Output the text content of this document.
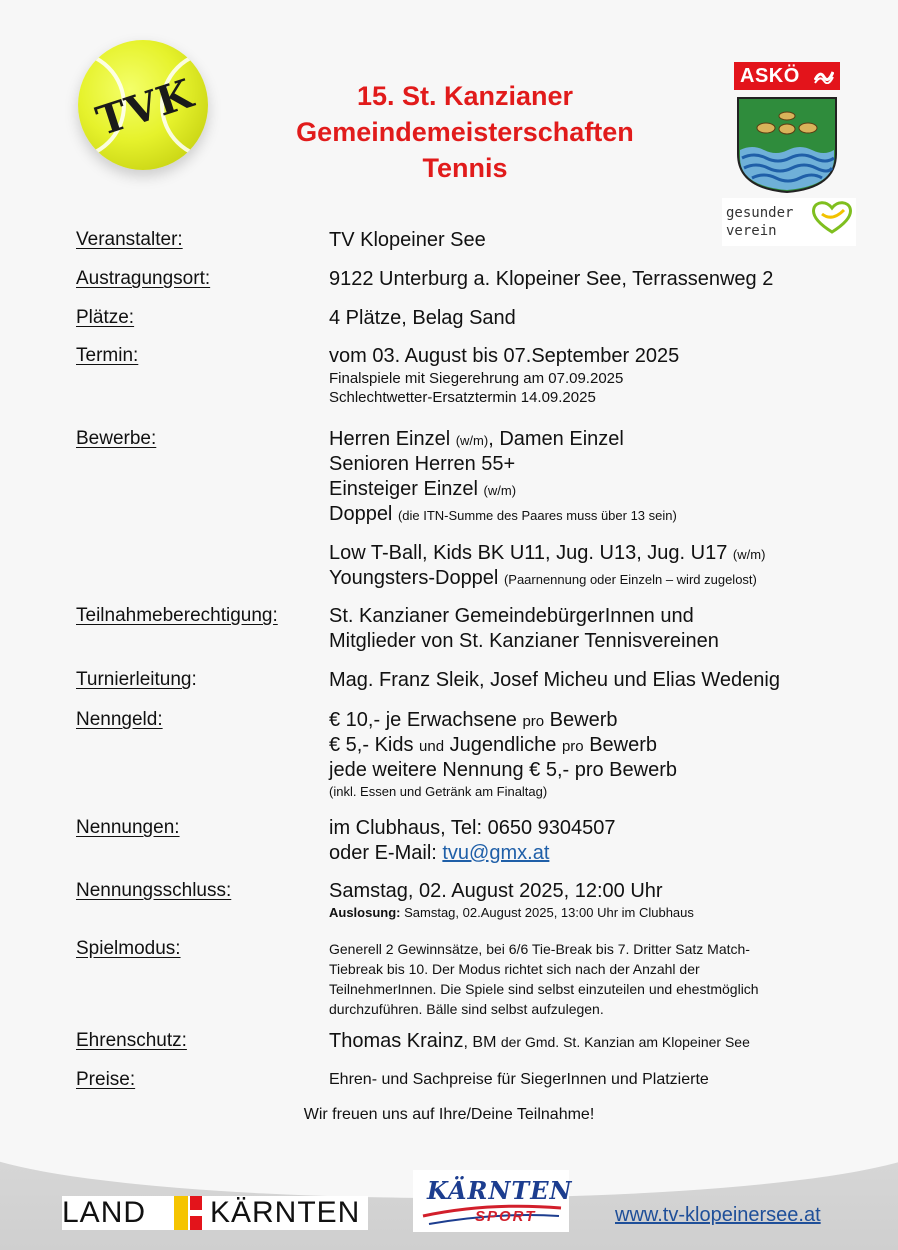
TVK	15. St. Kanzianer
Gemeindemeisterschaften
Tennis
ASKÖ
gesunder
verein
Veranstalter:	TV Klopeiner See
Austragungsort:	9122 Unterburg a. Klopeiner See, Terrassenweg 2
Plätze:	4 Plätze, Belag Sand
Termin:	vom 03. August bis 07.September 2025
Finalspiele mit Siegerehrung am 07.09.2025
Schlechtwetter-Ersatztermin 14.09.2025
Bewerbe:	Herren Einzel (w/m), Damen Einzel
Senioren Herren 55+
Einsteiger Einzel (w/m)
Doppel (die ITN-Summe des Paares muss über 13 sein)
Low T-Ball, Kids BK U11, Jug. U13, Jug. U17 (w/m)
Youngsters-Doppel (Paarnennung oder Einzeln – wird zugelost)
Teilnahmeberechtigung:	St. Kanzianer GemeindebürgerInnen und
Mitglieder von St. Kanzianer Tennisvereinen
Turnierleitung:	Mag. Franz Sleik, Josef Micheu und Elias Wedenig
Nenngeld:	€ 10,- je Erwachsene pro Bewerb
€ 5,- Kids und Jugendliche pro Bewerb
jede weitere Nennung € 5,- pro Bewerb
(inkl. Essen und Getränk am Finaltag)
Nennungen:	im Clubhaus, Tel: 0650 9304507
oder E-Mail: tvu@gmx.at
Nennungsschluss:	Samstag, 02. August 2025, 12:00 Uhr
Auslosung: Samstag, 02.August 2025, 13:00 Uhr im Clubhaus
Spielmodus:	Generell 2 Gewinnsätze, bei 6/6 Tie-Break bis 7. Dritter Satz Match-
Tiebreak bis 10. Der Modus richtet sich nach der Anzahl der
TeilnehmerInnen. Die Spiele sind selbst einzuteilen und ehestmöglich
durchzuführen. Bälle sind selbst aufzulegen.
Ehrenschutz:	Thomas Krainz, BM der Gmd. St. Kanzian am Klopeiner See
Preise:	Ehren- und Sachpreise für SiegerInnen und Platzierte
Wir freuen uns auf Ihre/Deine Teilnahme!
LAND KÄRNTEN
KÄRNTEN
SPORT	www.tv-klopeinersee.at
